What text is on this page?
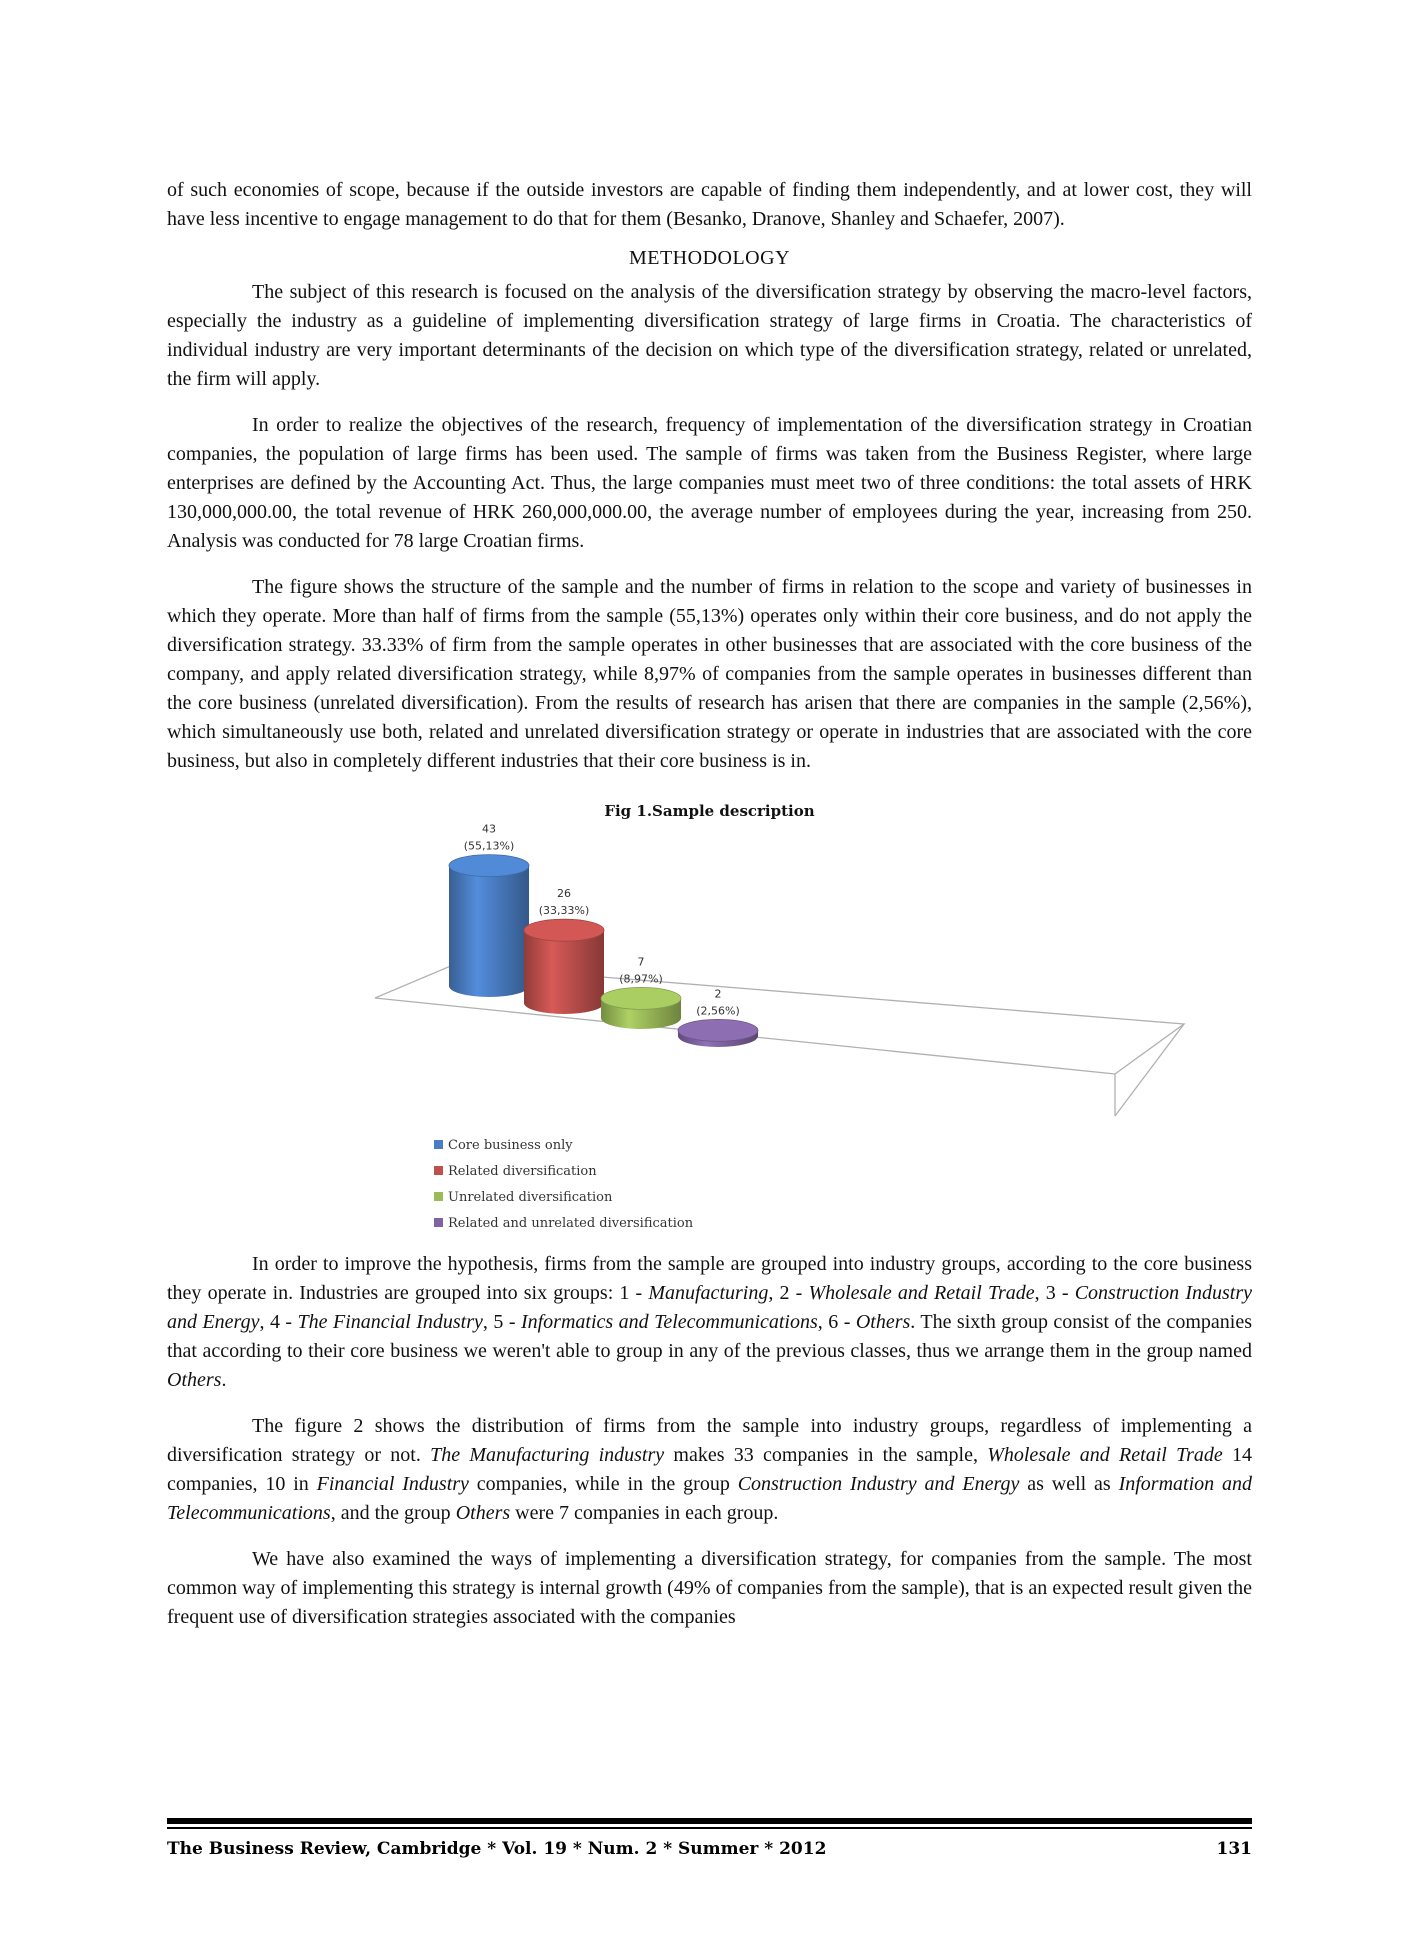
of such economies of scope, because if the outside investors are capable of finding them independently, and at lower cost, they will have less incentive to engage management to do that for them (Besanko, Dranove, Shanley and Schaefer, 2007).

METHODOLOGY

The subject of this research is focused on the analysis of the diversification strategy by observing the macro-level factors, especially the industry as a guideline of implementing diversification strategy of large firms in Croatia. The characteristics of individual industry are very important determinants of the decision on which type of the diversification strategy, related or unrelated, the firm will apply.

In order to realize the objectives of the research, frequency of implementation of the diversification strategy in Croatian companies, the population of large firms has been used. The sample of firms was taken from the Business Register, where large enterprises are defined by the Accounting Act. Thus, the large companies must meet two of three conditions: the total assets of HRK 130,000,000.00, the total revenue of HRK 260,000,000.00, the average number of employees during the year, increasing from 250. Analysis was conducted for 78 large Croatian firms.

The figure shows the structure of the sample and the number of firms in relation to the scope and variety of businesses in which they operate. More than half of firms from the sample (55,13%) operates only within their core business, and do not apply the diversification strategy. 33.33% of firm from the sample operates in other businesses that are associated with the core business of the company, and apply related diversification strategy, while 8,97% of companies from the sample operates in businesses different than the core business (unrelated diversification). From the results of research has arisen that there are companies in the sample (2,56%), which simultaneously use both, related and unrelated diversification strategy or operate in industries that are associated with the core business, but also in completely different industries that their core business is in.

Fig 1.Sample description
43
(55,13%)
26
(33,33%)
7
(8,97%)
2
(2,56%)
Core business only
Related diversification
Unrelated diversification
Related and unrelated diversification

In order to improve the hypothesis, firms from the sample are grouped into industry groups, according to the core business they operate in. Industries are grouped into six groups: 1 - Manufacturing, 2 - Wholesale and Retail Trade, 3 - Construction Industry and Energy, 4 - The Financial Industry, 5 - Informatics and Telecommunications, 6 - Others. The sixth group consist of the companies that according to their core business we weren't able to group in any of the previous classes, thus we arrange them in the group named Others.

The figure 2 shows the distribution of firms from the sample into industry groups, regardless of implementing a diversification strategy or not. The Manufacturing industry makes 33 companies in the sample, Wholesale and Retail Trade 14 companies, 10 in Financial Industry companies, while in the group Construction Industry and Energy as well as Information and Telecommunications, and the group Others were 7 companies in each group.

We have also examined the ways of implementing a diversification strategy, for companies from the sample. The most common way of implementing this strategy is internal growth (49% of companies from the sample), that is an expected result given the frequent use of diversification strategies associated with the companies

The Business Review, Cambridge * Vol. 19 * Num. 2 * Summer * 2012	131
